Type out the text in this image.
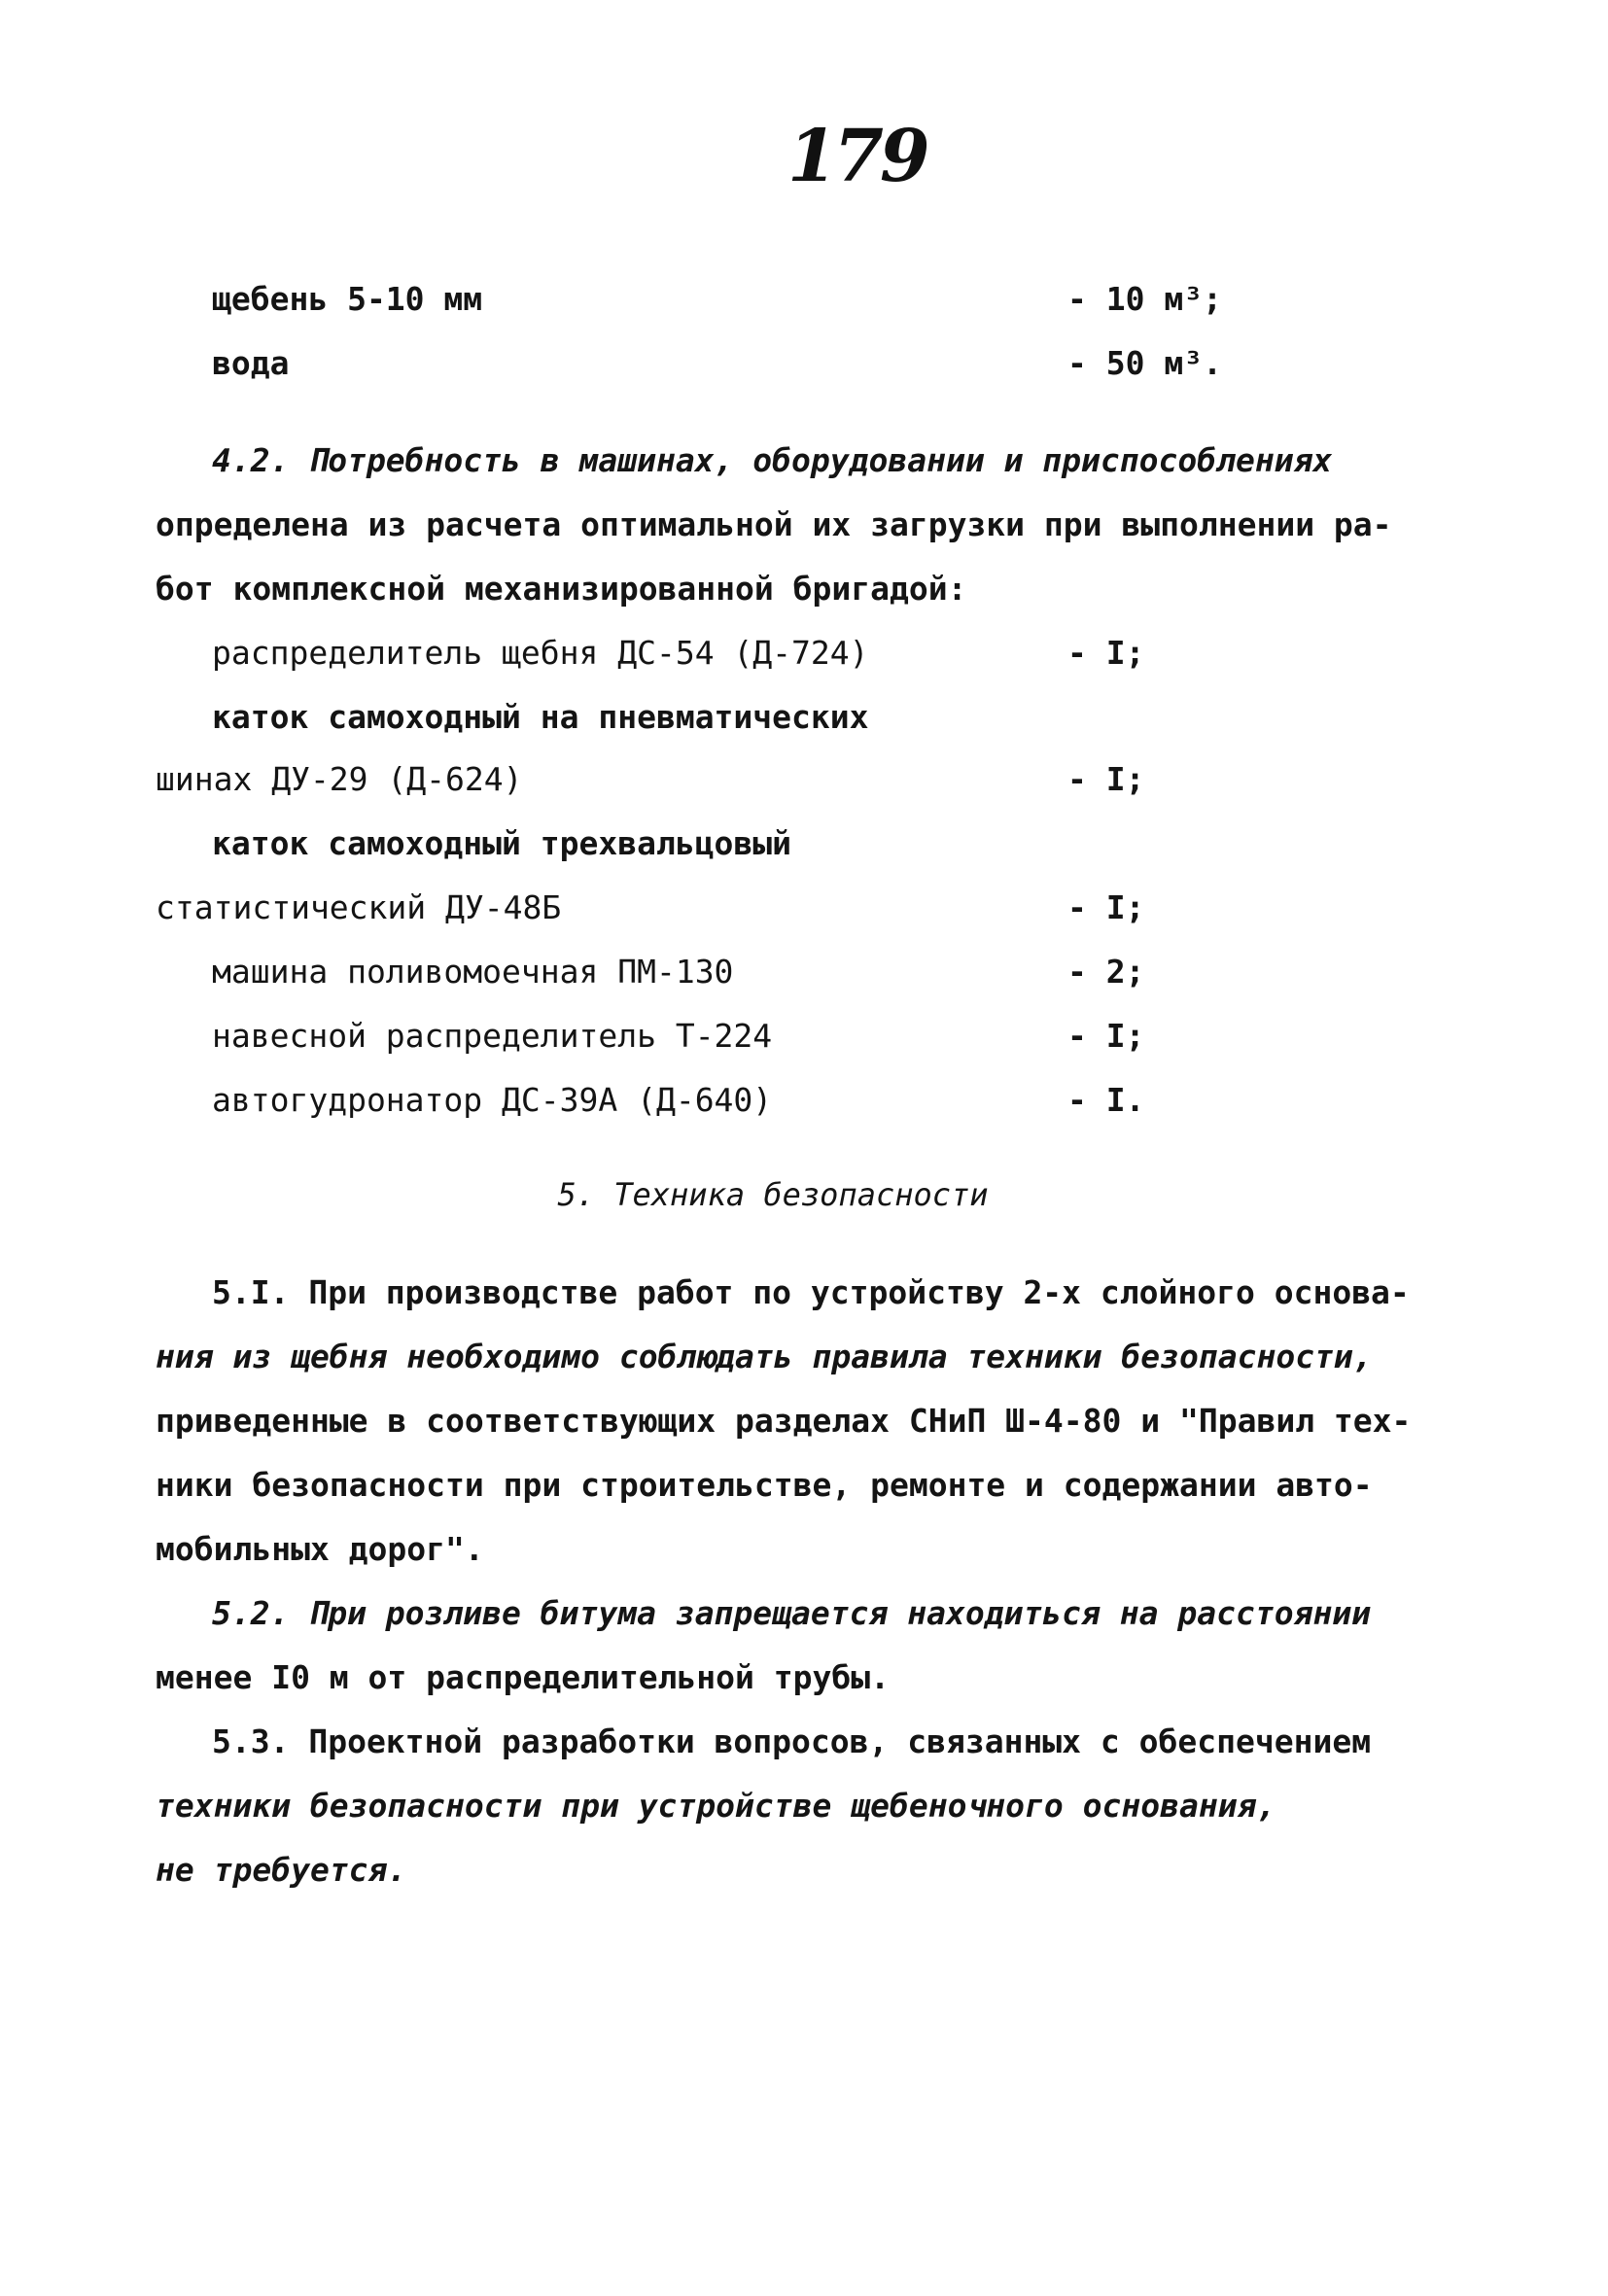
179
щебень 5-10 мм	- 10 м³;
вода	- 50 м³.
4.2. Потребность в машинах, оборудовании и приспособлениях
определена из расчета оптимальной их загрузки при выполнении ра-
бот комплексной механизированной бригадой:
распределитель щебня ДС-54 (Д-724)	- I;
каток самоходный на пневматических
шинах ДУ-29 (Д-624)	- I;
каток самоходный трехвальцовый
статистический ДУ-48Б	- I;
машина поливомоечная ПМ-130	- 2;
навесной распределитель Т-224	- I;
автогудронатор ДС-39А (Д-640)	- I.
5. Техника безопасности
5.I. При производстве работ по устройству 2-х слойного основа-
ния из щебня необходимо соблюдать правила техники безопасности,
приведенные в соответствующих разделах СНиП Ш-4-80 и "Правил тех-
ники безопасности при строительстве, ремонте и содержании авто-
мобильных дорог".
5.2. При розливе битума запрещается находиться на расстоянии
менее I0 м от распределительной трубы.
5.3. Проектной разработки вопросов, связанных с обеспечением
техники безопасности при устройстве щебеночного основания,
не требуется.
